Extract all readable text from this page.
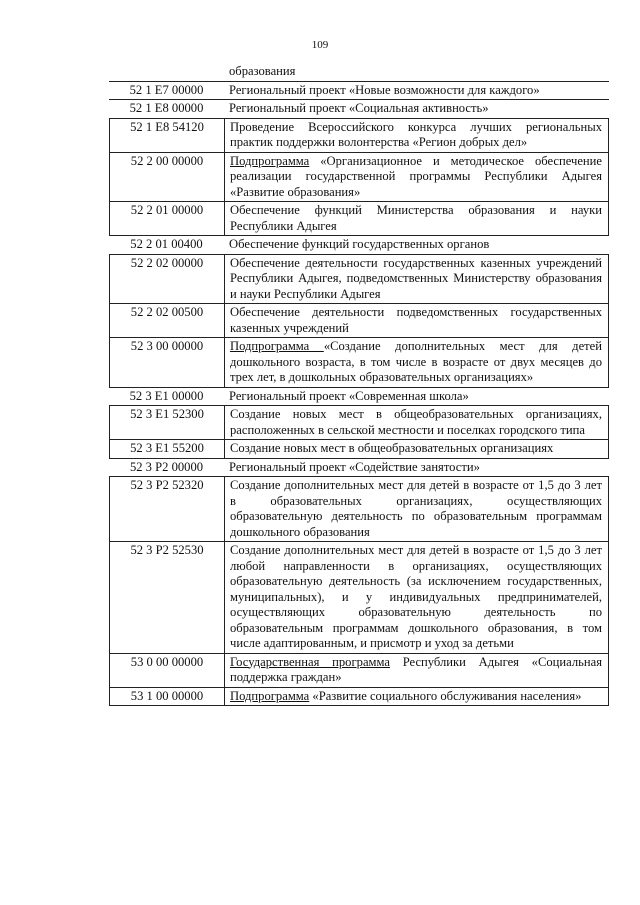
109
образования
52 1 E7 00000	Региональный проект «Новые возможности для каждого»
52 1 E8 00000	Региональный проект «Социальная активность»
52 1 E8 54120	Проведение Всероссийского конкурса лучших региональных практик поддержки волонтерства «Регион добрых дел»
52 2 00 00000	Подпрограмма «Организационное и методическое обеспечение реализации государственной программы Республики Адыгея «Развитие образования»
52 2 01 00000	Обеспечение функций Министерства образования и науки Республики Адыгея
52 2 01 00400	Обеспечение функций государственных органов
52 2 02 00000	Обеспечение деятельности государственных казенных учреждений Республики Адыгея, подведомственных Министерству образования и науки Республики Адыгея
52 2 02 00500	Обеспечение деятельности подведомственных государственных казенных учреждений
52 3 00 00000	Подпрограмма «Создание дополнительных мест для детей дошкольного возраста, в том числе в возрасте от двух месяцев до трех лет, в дошкольных образовательных организациях»
52 3 E1 00000	Региональный проект «Современная школа»
52 3 E1 52300	Создание новых мест в общеобразовательных организациях, расположенных в сельской местности и поселках городского типа
52 3 E1 55200	Создание новых мест в общеобразовательных организациях
52 3 P2 00000	Региональный проект «Содействие занятости»
52 3 P2 52320	Создание дополнительных мест для детей в возрасте от 1,5 до 3 лет в образовательных организациях, осуществляющих образовательную деятельность по образовательным программам дошкольного образования
52 3 P2 52530	Создание дополнительных мест для детей в возрасте от 1,5 до 3 лет любой направленности в организациях, осуществляющих образовательную деятельность (за исключением государственных, муниципальных), и у индивидуальных предпринимателей, осуществляющих образовательную деятельность по образовательным программам дошкольного образования, в том числе адаптированным, и присмотр и уход за детьми
53 0 00 00000	Государственная программа Республики Адыгея «Социальная поддержка граждан»
53 1 00 00000	Подпрограмма «Развитие социального обслуживания населения»
